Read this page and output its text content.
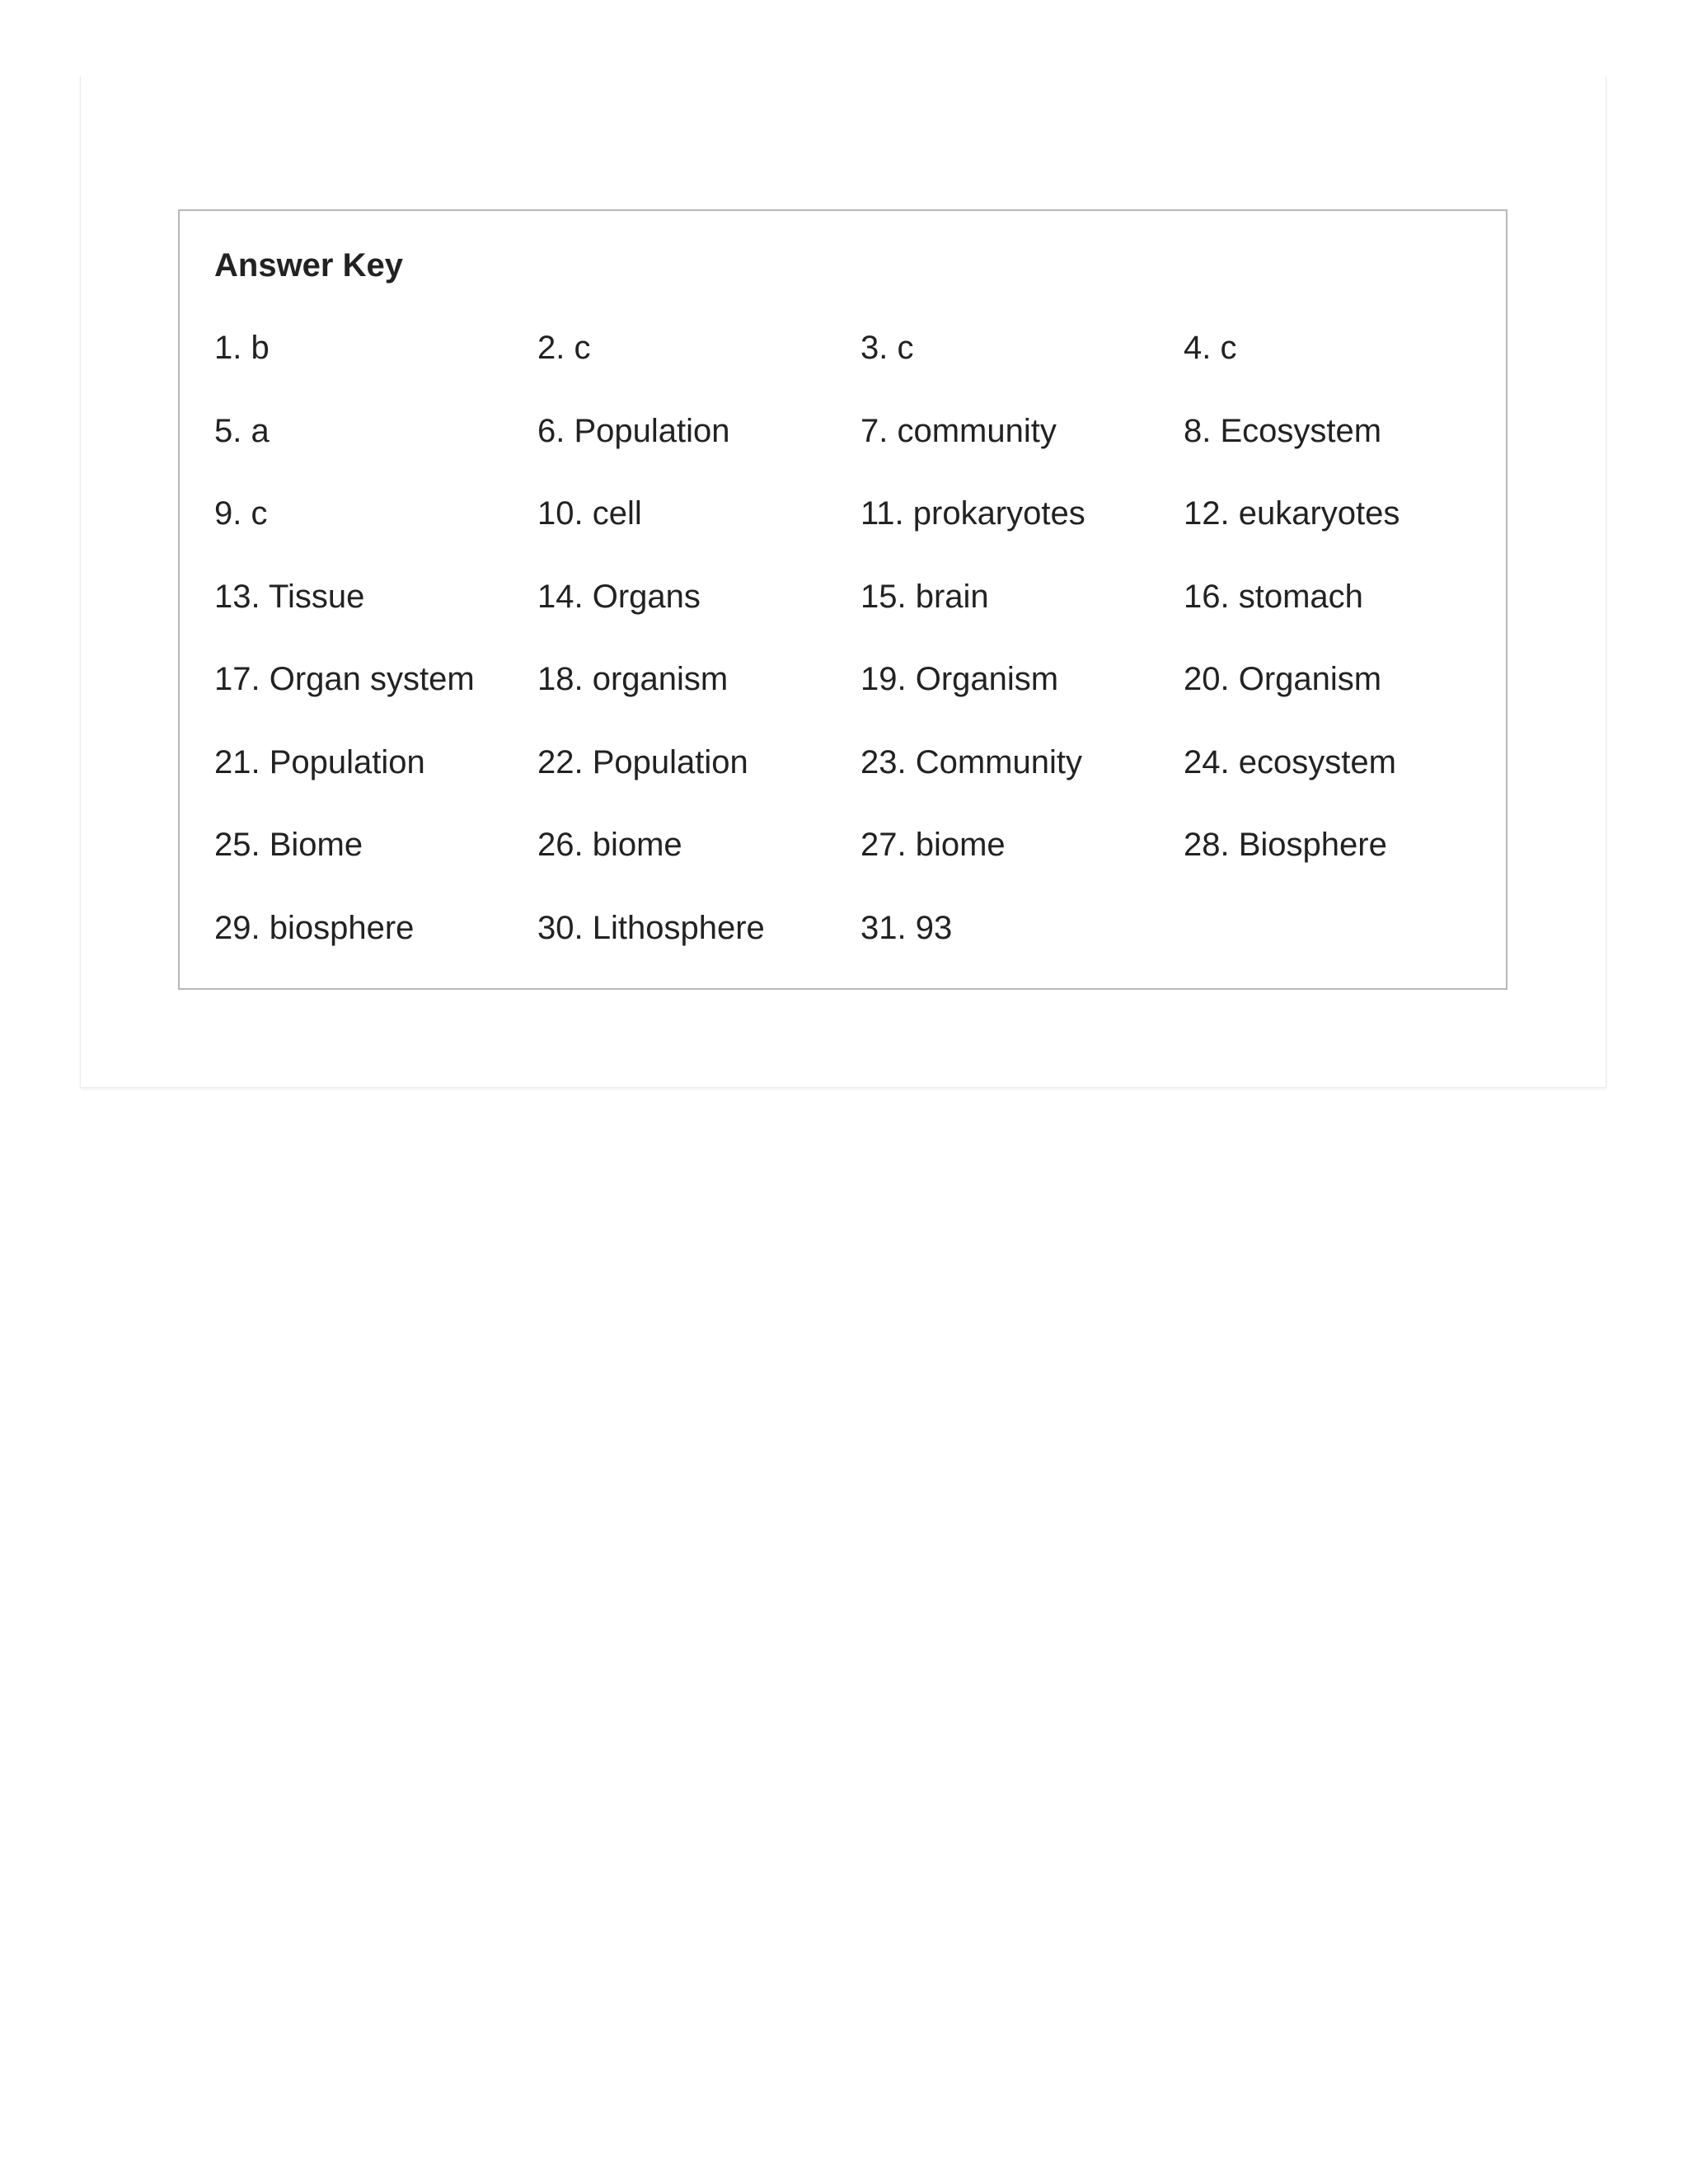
Answer Key
1. b	2. c	3. c	4. c
5. a	6. Population	7. community	8. Ecosystem
9. c	10. cell	11. prokaryotes	12. eukaryotes
13. Tissue	14. Organs	15. brain	16. stomach
17. Organ system	18. organism	19. Organism	20. Organism
21. Population	22. Population	23. Community	24. ecosystem
25. Biome	26. biome	27. biome	28. Biosphere
29. biosphere	30. Lithosphere	31. 93
